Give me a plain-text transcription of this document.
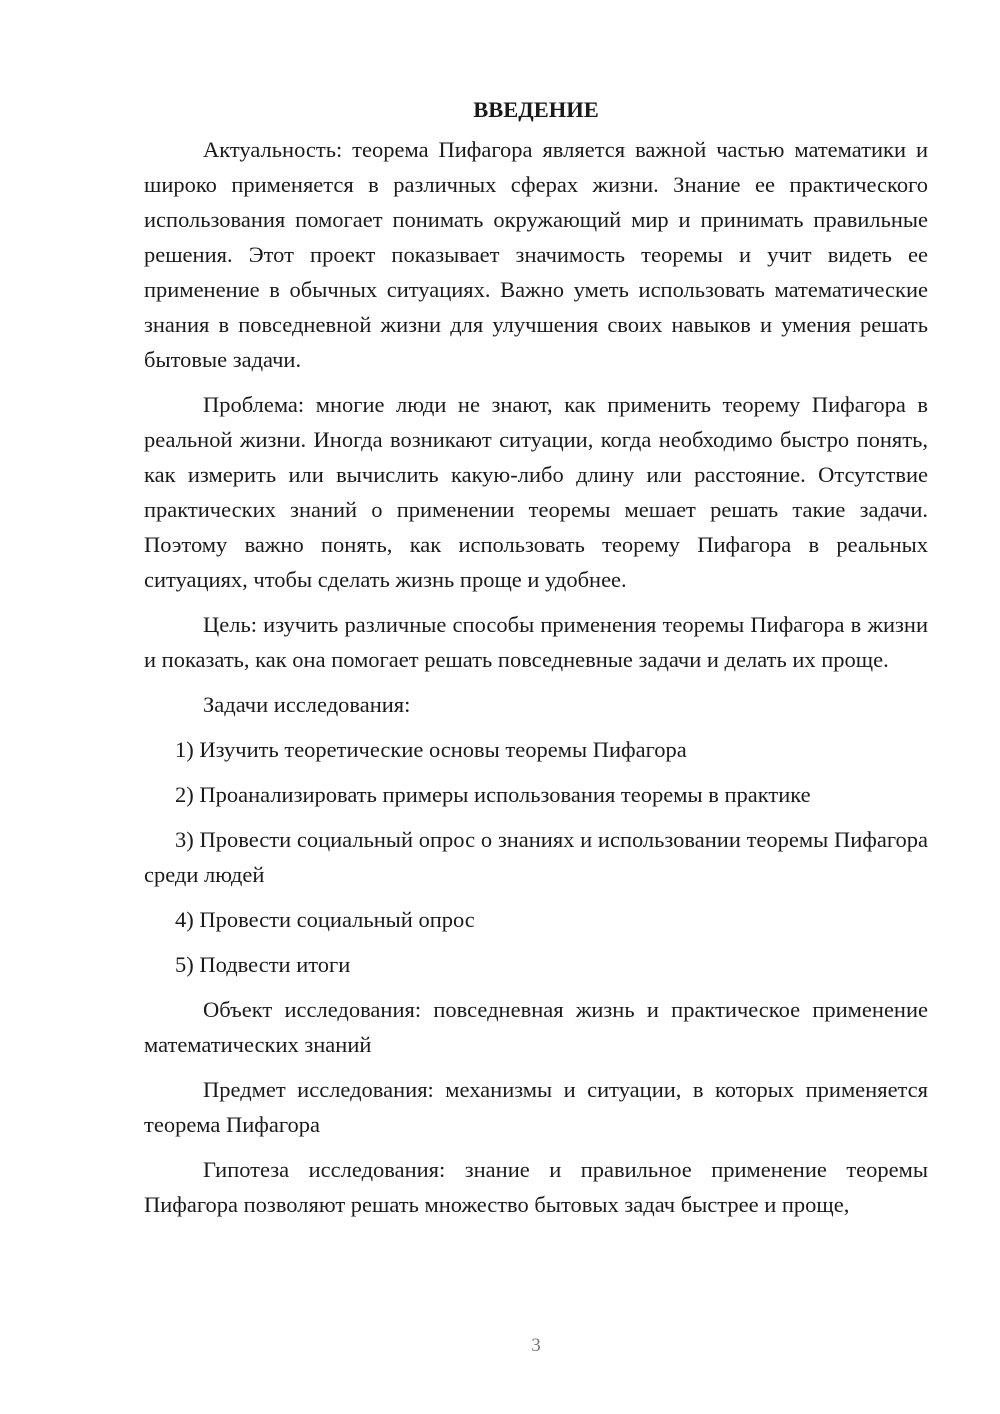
ВВЕДЕНИЕ

Актуальность: теорема Пифагора является важной частью математики и широко применяется в различных сферах жизни. Знание ее практического использования помогает понимать окружающий мир и принимать правильные решения. Этот проект показывает значимость теоремы и учит видеть ее применение в обычных ситуациях. Важно уметь использовать математические знания в повседневной жизни для улучшения своих навыков и умения решать бытовые задачи.

Проблема: многие люди не знают, как применить теорему Пифагора в реальной жизни. Иногда возникают ситуации, когда необходимо быстро понять, как измерить или вычислить какую-либо длину или расстояние. Отсутствие практических знаний о применении теоремы мешает решать такие задачи. Поэтому важно понять, как использовать теорему Пифагора в реальных ситуациях, чтобы сделать жизнь проще и удобнее.

Цель: изучить различные способы применения теоремы Пифагора в жизни и показать, как она помогает решать повседневные задачи и делать их проще.

Задачи исследования:

1) Изучить теоретические основы теоремы Пифагора

2) Проанализировать примеры использования теоремы в практике

3) Провести социальный опрос о знаниях и использовании теоремы Пифагора среди людей

4) Провести социальный опрос

5) Подвести итоги

Объект исследования: повседневная жизнь и практическое применение математических знаний

Предмет исследования: механизмы и ситуации, в которых применяется теорема Пифагора

Гипотеза исследования: знание и правильное применение теоремы Пифагора позволяют решать множество бытовых задач быстрее и проще,

3
